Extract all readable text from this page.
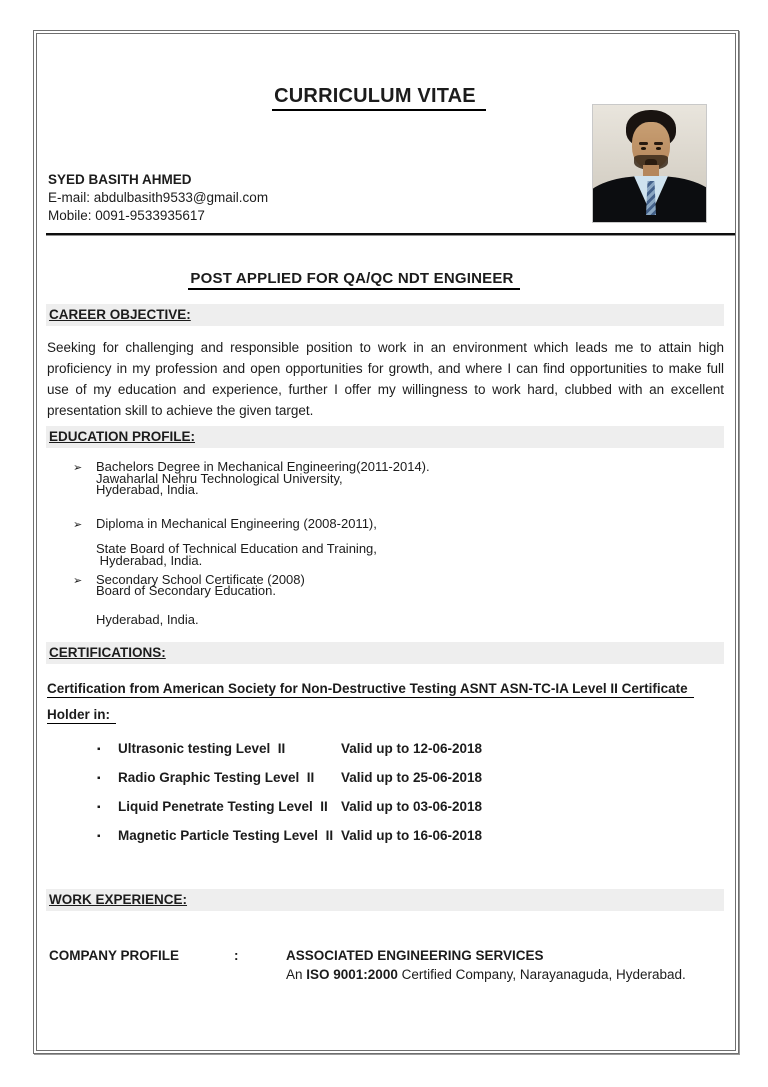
CURRICULUM VITAE
SYED BASITH AHMED
E-mail: abdulbasith9533@gmail.com
Mobile: 0091-9533935617
POST APPLIED FOR QA/QC NDT ENGINEER
CAREER OBJECTIVE:
Seeking for challenging and responsible position to work in an environment which leads me to attain high proficiency in my profession and open opportunities for growth, and where I can find opportunities to make full use of my education and experience, further I offer my willingness to work hard, clubbed with an excellent presentation skill to achieve the given target.
EDUCATION PROFILE:
➢ Bachelors Degree in Mechanical Engineering(2011-2014).
Jawaharlal Nehru Technological University,
Hyderabad, India.
➢ Diploma in Mechanical Engineering (2008-2011),
State Board of Technical Education and Training,
Hyderabad, India.
➢ Secondary School Certificate (2008)
Board of Secondary Education.
Hyderabad, India.
CERTIFICATIONS:
Certification from American Society for Non-Destructive Testing ASNT ASN-TC-IA Level II Certificate
Holder in:
▪	Ultrasonic testing Level  II	Valid up to 12-06-2018
▪	Radio Graphic Testing Level  II	Valid up to 25-06-2018
▪	Liquid Penetrate Testing Level  II Valid up to 03-06-2018
▪	Magnetic Particle Testing Level  II Valid up to 16-06-2018
WORK EXPERIENCE:
COMPANY PROFILE	:	ASSOCIATED ENGINEERING SERVICES
An ISO 9001:2000 Certified Company, Narayanaguda, Hyderabad.
